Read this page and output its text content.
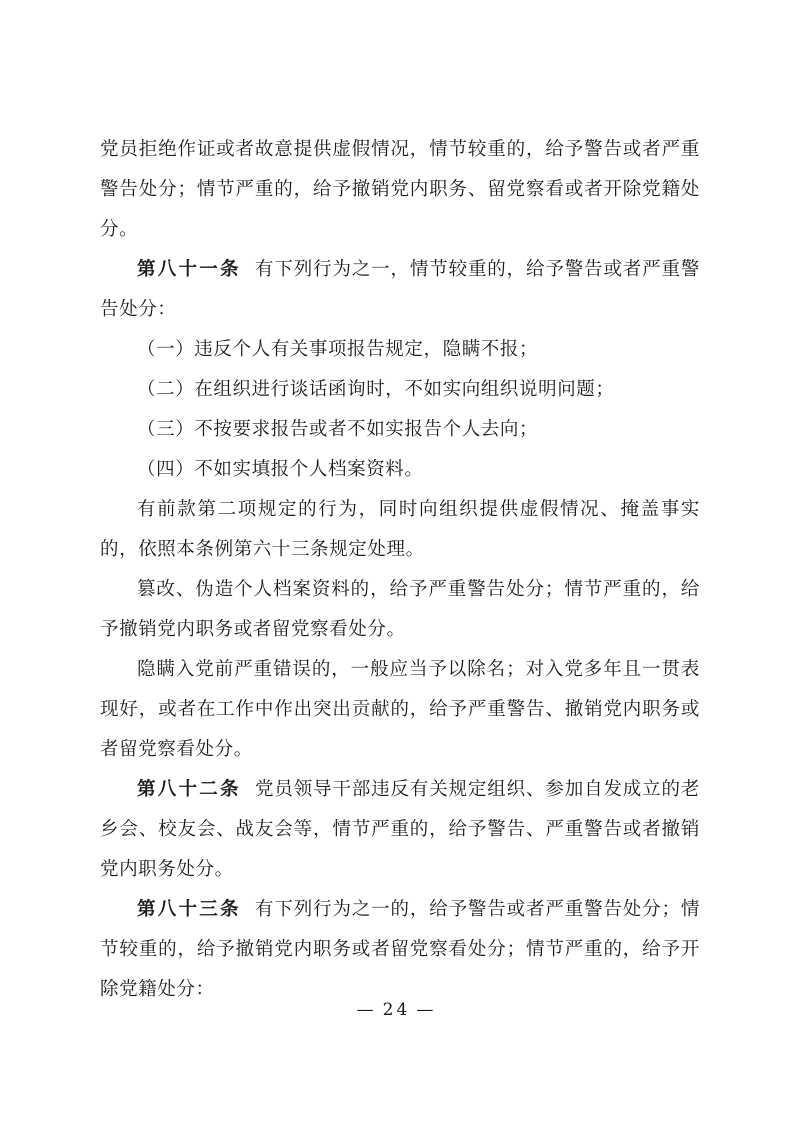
党员拒绝作证或者故意提供虚假情况，情节较重的，给予警告或者严重警告处分；情节严重的，给予撤销党内职务、留党察看或者开除党籍处分。

第八十一条 有下列行为之一，情节较重的，给予警告或者严重警告处分：

（一）违反个人有关事项报告规定，隐瞒不报；

（二）在组织进行谈话函询时，不如实向组织说明问题；

（三）不按要求报告或者不如实报告个人去向；

（四）不如实填报个人档案资料。

有前款第二项规定的行为，同时向组织提供虚假情况、掩盖事实的，依照本条例第六十三条规定处理。

篡改、伪造个人档案资料的，给予严重警告处分；情节严重的，给予撤销党内职务或者留党察看处分。

隐瞒入党前严重错误的，一般应当予以除名；对入党多年且一贯表现好，或者在工作中作出突出贡献的，给予严重警告、撤销党内职务或者留党察看处分。

第八十二条 党员领导干部违反有关规定组织、参加自发成立的老乡会、校友会、战友会等，情节严重的，给予警告、严重警告或者撤销党内职务处分。

第八十三条 有下列行为之一的，给予警告或者严重警告处分；情节较重的，给予撤销党内职务或者留党察看处分；情节严重的，给予开除党籍处分：

— 24 —
